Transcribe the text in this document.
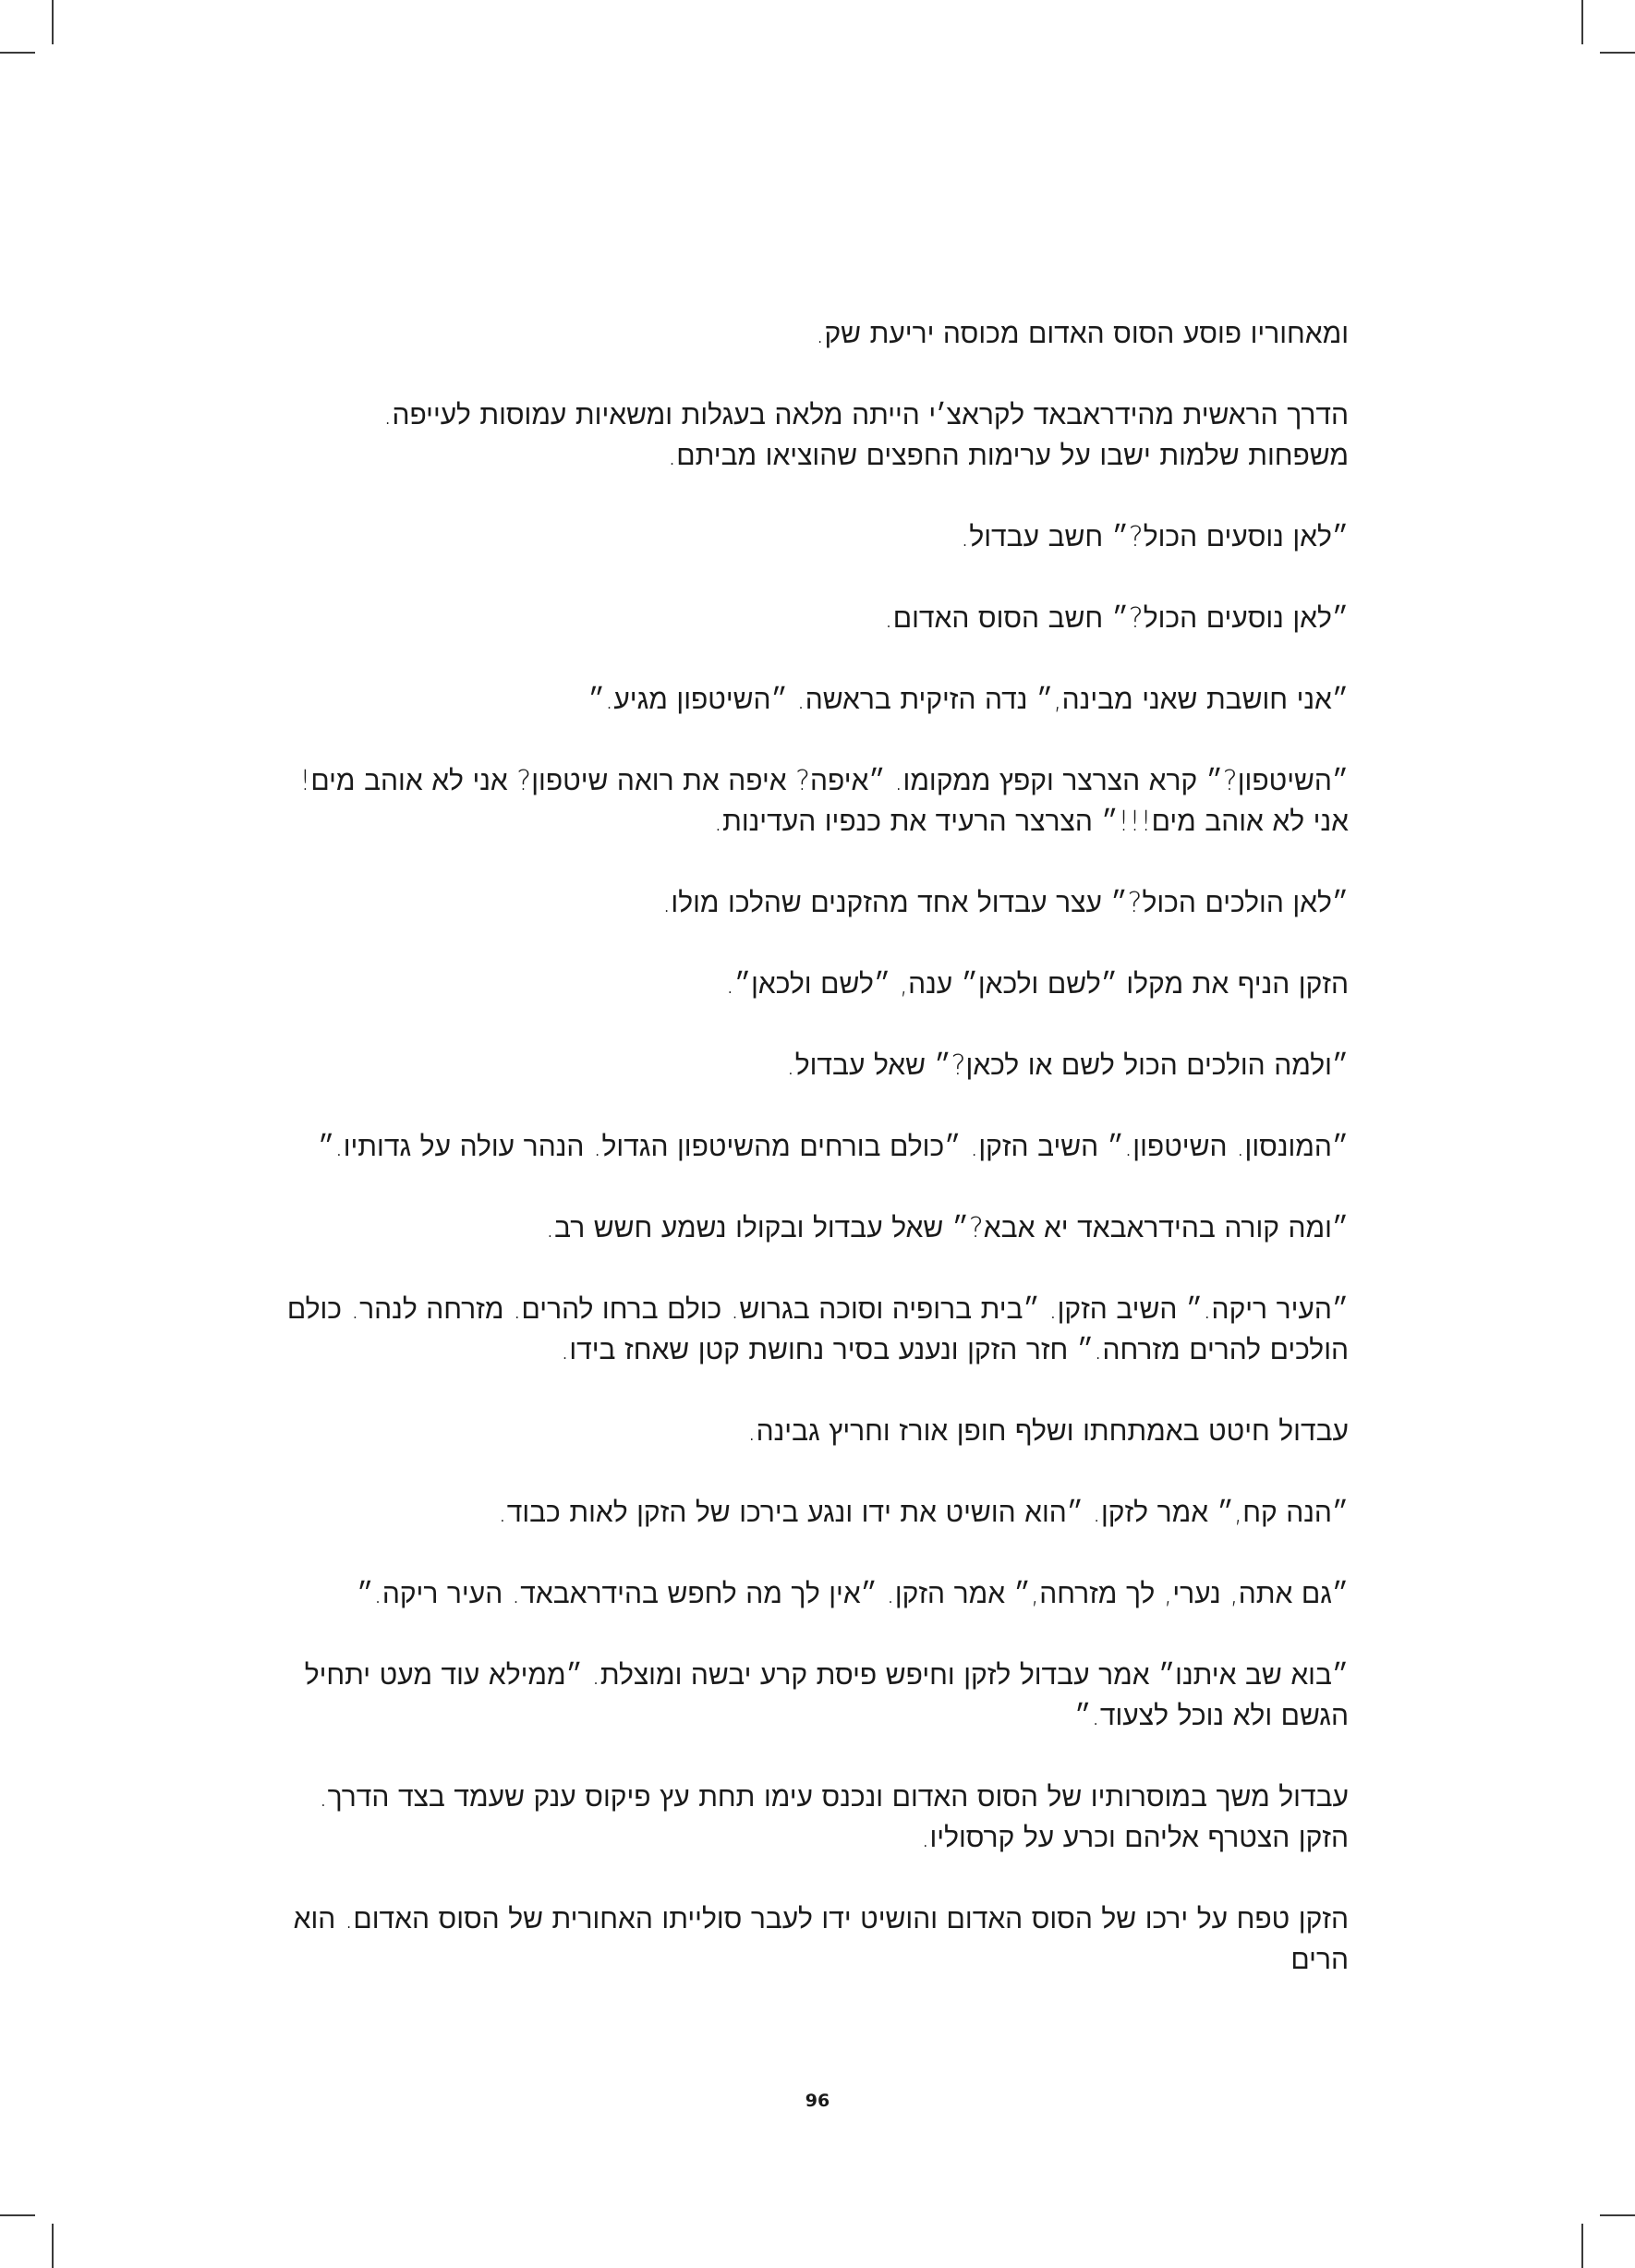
ומאחוריו פוסע הסוס האדום מכוסה יריעת שק.

הדרך הראשית מהידראבאד לקראצ׳י הייתה מלאה בעגלות ומשאיות עמוסות לעייפה. משפחות שלמות ישבו על ערימות החפצים שהוציאו מביתם.

״לאן נוסעים הכול?״ חשב עבדול.

״לאן נוסעים הכול?״ חשב הסוס האדום.

״אני חושבת שאני מבינה,״ נדה הזיקית בראשה. ״השיטפון מגיע.״

״השיטפון?״ קרא הצרצר וקפץ ממקומו. ״איפה? איפה את רואה שיטפון? אני לא אוהב מים! אני לא אוהב מים!!!״ הצרצר הרעיד את כנפיו העדינות.

״לאן הולכים הכול?״ עצר עבדול אחד מהזקנים שהלכו מולו.

הזקן הניף את מקלו ״לשם ולכאן״ ענה, ״לשם ולכאן״.

״ולמה הולכים הכול לשם או לכאן?״ שאל עבדול.

״המונסון. השיטפון.״ השיב הזקן. ״כולם בורחים מהשיטפון הגדול. הנהר עולה על גדותיו.״

״ומה קורה בהידראבאד יא אבא?״ שאל עבדול ובקולו נשמע חשש רב.

״העיר ריקה.״ השיב הזקן. ״בית ברופיה וסוכה בגרוש. כולם ברחו להרים. מזרחה לנהר. כולם הולכים להרים מזרחה.״ חזר הזקן ונענע בסיר נחושת קטן שאחז בידו.

עבדול חיטט באמתחתו ושלף חופן אורז וחריץ גבינה.

״הנה קח,״ אמר לזקן. ״הוא הושיט את ידו ונגע בירכו של הזקן לאות כבוד.

״גם אתה, נערי, לך מזרחה,״ אמר הזקן. ״אין לך מה לחפש בהידראבאד. העיר ריקה.״

״בוא שב איתנו״ אמר עבדול לזקן וחיפש פיסת קרע יבשה ומוצלת. ״ממילא עוד מעט יתחיל הגשם ולא נוכל לצעוד.״

עבדול משך במוסרותיו של הסוס האדום ונכנס עימו תחת עץ פיקוס ענק שעמד בצד הדרך. הזקן הצטרף אליהם וכרע על קרסוליו.

הזקן טפח על ירכו של הסוס האדום והושיט ידו לעבר סולייתו האחורית של הסוס האדום. הוא הרים

96
